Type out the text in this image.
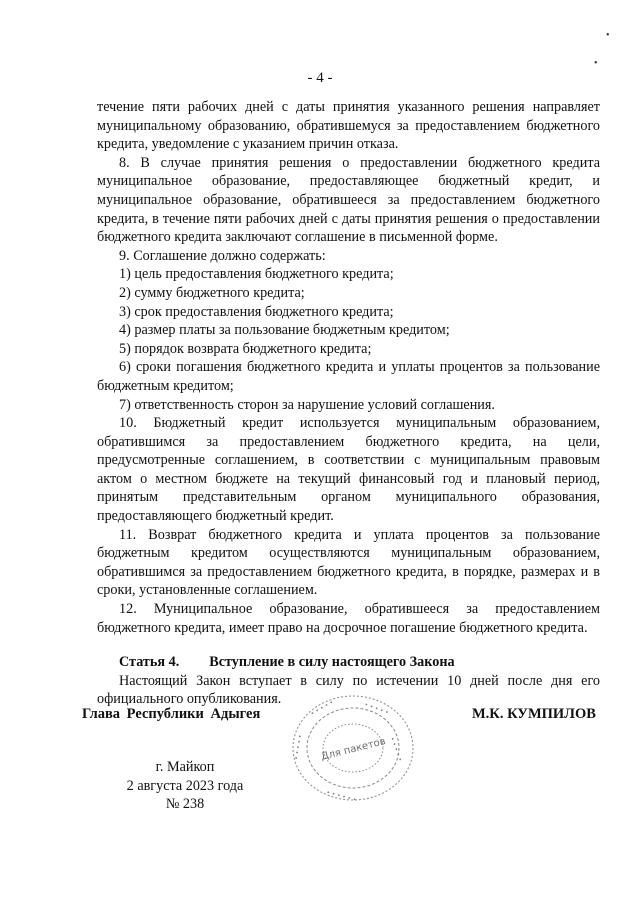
- 4 -
•
•

течение пяти рабочих дней с даты принятия указанного решения направляет муниципальному образованию, обратившемуся за предоставлением бюджетного кредита, уведомление с указанием причин отказа.

8. В случае принятия решения о предоставлении бюджетного кредита муниципальное образование, предоставляющее бюджетный кредит, и муниципальное образование, обратившееся за предоставлением бюджетного кредита, в течение пяти рабочих дней с даты принятия решения о предоставлении бюджетного кредита заключают соглашение в письменной форме.

9. Соглашение должно содержать:

1) цель предоставления бюджетного кредита;

2) сумму бюджетного кредита;

3) срок предоставления бюджетного кредита;

4) размер платы за пользование бюджетным кредитом;

5) порядок возврата бюджетного кредита;

6) сроки погашения бюджетного кредита и уплаты процентов за пользование бюджетным кредитом;

7) ответственность сторон за нарушение условий соглашения.

10. Бюджетный кредит используется муниципальным образованием, обратившимся за предоставлением бюджетного кредита, на цели, предусмотренные соглашением, в соответствии с муниципальным правовым актом о местном бюджете на текущий финансовый год и плановый период, принятым представительным органом муниципального образования, предоставляющего бюджетный кредит.

11. Возврат бюджетного кредита и уплата процентов за пользование бюджетным кредитом осуществляются муниципальным образованием, обратившимся за предоставлением бюджетного кредита, в порядке, размерах и в сроки, установленные соглашением.

12. Муниципальное образование, обратившееся за предоставлением бюджетного кредита, имеет право на досрочное погашение бюджетного кредита.

Статья 4. Вступление в силу настоящего Закона

Настоящий Закон вступает в силу по истечении 10 дней после дня его официального опубликования.

Глава Республики Адыгея	М.К. КУМПИЛОВ
• • • • •	• • • • •
• • • • •
• • • • •
• • • • • •
Для пакетов
г. Майкоп
2 августа 2023 года
№ 238
